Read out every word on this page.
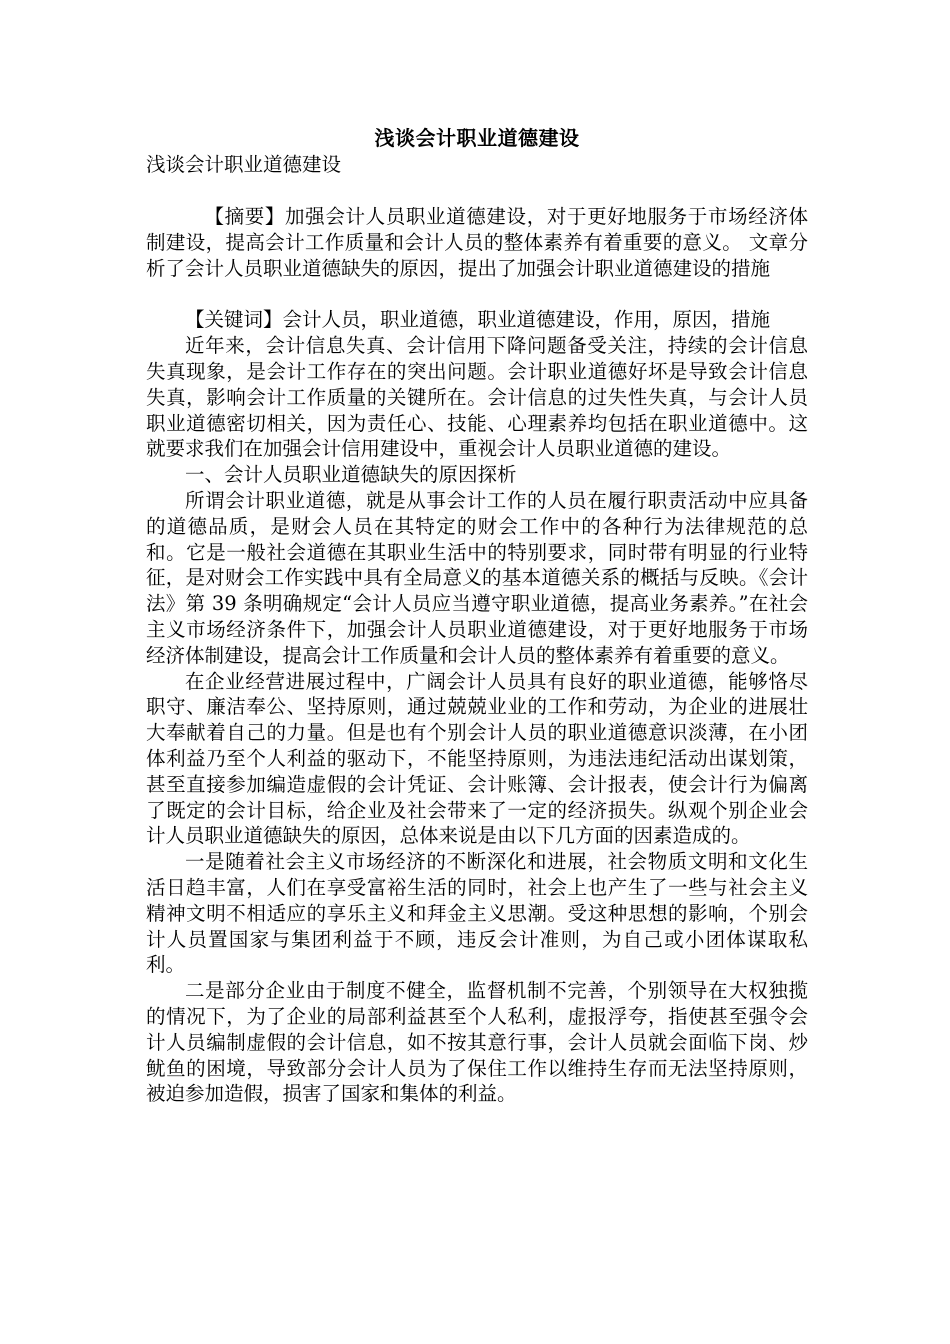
浅谈会计职业道德建设

浅谈会计职业道德建设

【摘要】加强会计人员职业道德建设，对于更好地服务于市场经济体制建设，提高会计工作质量和会计人员的整体素养有着重要的意义。 文章分析了会计人员职业道德缺失的原因，提出了加强会计职业道德建设的措施

【关键词】会计人员，职业道德，职业道德建设，作用，原因，措施

近年来，会计信息失真、会计信用下降问题备受关注，持续的会计信息失真现象，是会计工作存在的突出问题。会计职业道德好坏是导致会计信息失真，影响会计工作质量的关键所在。会计信息的过失性失真，与会计人员职业道德密切相关，因为责任心、技能、心理素养均包括在职业道德中。这就要求我们在加强会计信用建设中，重视会计人员职业道德的建设。

一、会计人员职业道德缺失的原因探析

所谓会计职业道德，就是从事会计工作的人员在履行职责活动中应具备的道德品质，是财会人员在其特定的财会工作中的各种行为法律规范的总和。它是一般社会道德在其职业生活中的特别要求，同时带有明显的行业特征，是对财会工作实践中具有全局意义的基本道德关系的概括与反映。《会计法》第 39 条明确规定“会计人员应当遵守职业道德，提高业务素养。”在社会主义市场经济条件下，加强会计人员职业道德建设，对于更好地服务于市场经济体制建设，提高会计工作质量和会计人员的整体素养有着重要的意义。

在企业经营进展过程中，广阔会计人员具有良好的职业道德，能够恪尽职守、廉洁奉公、坚持原则，通过兢兢业业的工作和劳动，为企业的进展壮大奉献着自己的力量。但是也有个别会计人员的职业道德意识淡薄，在小团体利益乃至个人利益的驱动下，不能坚持原则，为违法违纪活动出谋划策，甚至直接参加编造虚假的会计凭证、会计账簿、会计报表，使会计行为偏离了既定的会计目标，给企业及社会带来了一定的经济损失。纵观个别企业会计人员职业道德缺失的原因，总体来说是由以下几方面的因素造成的。

一是随着社会主义市场经济的不断深化和进展，社会物质文明和文化生活日趋丰富，人们在享受富裕生活的同时，社会上也产生了一些与社会主义精神文明不相适应的享乐主义和拜金主义思潮。受这种思想的影响，个别会计人员置国家与集团利益于不顾，违反会计准则，为自己或小团体谋取私利。

二是部分企业由于制度不健全，监督机制不完善，个别领导在大权独揽的情况下，为了企业的局部利益甚至个人私利，虚报浮夸，指使甚至强令会计人员编制虚假的会计信息，如不按其意行事，会计人员就会面临下岗、炒鱿鱼的困境，导致部分会计人员为了保住工作以维持生存而无法坚持原则，被迫参加造假，损害了国家和集体的利益。
